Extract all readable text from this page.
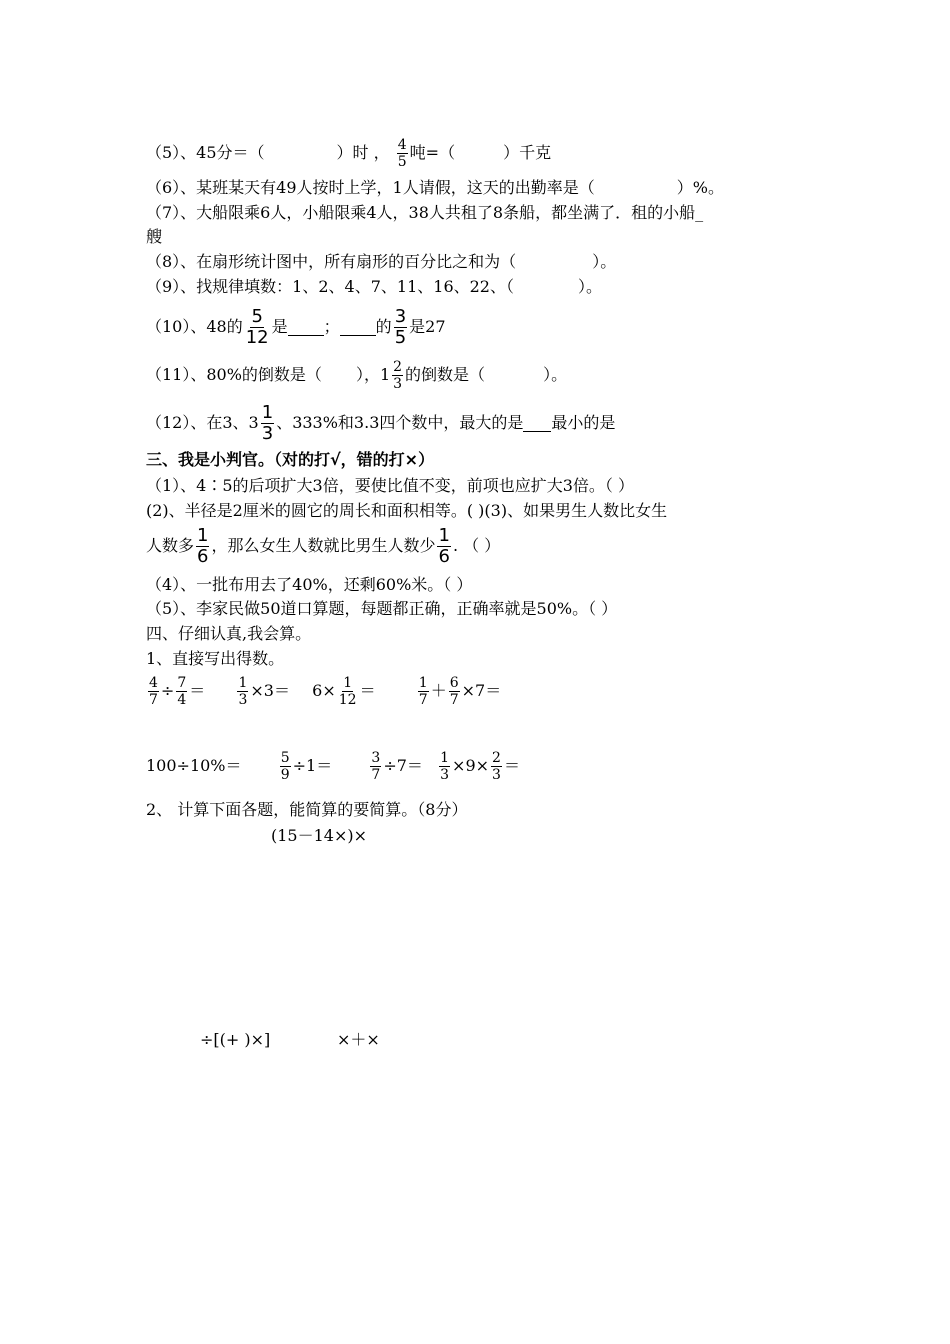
（5）、45分＝（	）时 ， $\frac{4}{5}$ 吨=（	）千克
（6）、某班某天有49人按时上学，1人请假，这天的出勤率是（	）%。
（7）、大船限乘6人，小船限乘4人，38人共租了8条船，都坐满了．租的小船_
艘
（8）、在扇形统计图中，所有扇形的百分比之和为（	）。
（9）、找规律填数：1、2、4、7、11、16、22、（	）。
（10）、48的 $\frac{5}{12}$ 是 ； 的 $\frac{3}{5}$ 是27
（11）、80%的倒数是（ ），$1 \frac{2}{3}$ 的倒数是（	）。
（12）、在3、$3 \frac{1}{3}$ 、333%和3.3四个数中，最大的是 最小的是
三、我是小判官。（对的打√，错的打×）
（1）、4∶5的后项扩大3倍，要使比值不变，前项也应扩大3倍。（ ）
(2)、半径是2厘米的圆它的周长和面积相等。( )(3)、如果男生人数比女生
人数多 $\frac{1}{6}$ ，那么女生人数就比男生人数少 $\frac{1}{6}$ . （ ）
（4）、一批布用去了40%，还剩60%米。（ ）
（5）、李家民做50道口算题，每题都正确，正确率就是50%。（ ）
四、仔细认真,我会算。
1、直接写出得数。
$\frac{4}{7} \div \frac{7}{4} = \frac{1}{3} \times 3= 6\times \frac{1}{12}$ ＝	$\frac{1}{7} + \frac{6}{7} \times 7=$
100÷10%＝	$\frac{5}{9} \div 1=$	$\frac{3}{7} \div 7= \frac{1}{3} \times 9\times \frac{2}{3}$ ＝
2、 计算下面各题，能简算的要简算。（8分）
(15－14×)×
÷[(+ )×]	×＋×
